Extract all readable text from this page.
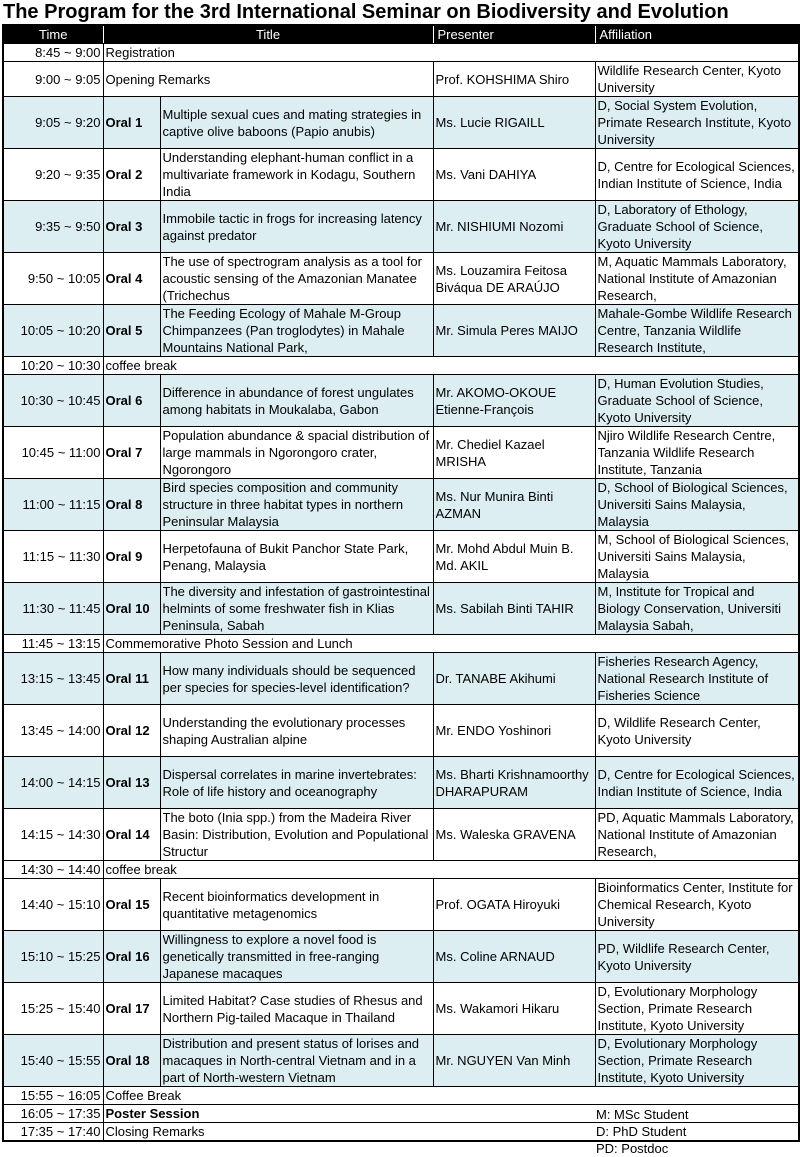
The Program for the 3rd International Seminar on Biodiversity and Evolution
Time	Title		Presenter	Affiliation
8:45 ~ 9:00	Registration			
9:00 ~ 9:05	Opening Remarks		Prof. KOHSHIMA Shiro	Wildlife Research Center, Kyoto University
9:05 ~ 9:20	Oral 1	Multiple sexual cues and mating strategies in captive olive baboons (Papio anubis)	Ms. Lucie RIGAILL	D, Social System Evolution, Primate Research Institute, Kyoto University

9:20 ~ 9:35	Oral 2	Understanding elephant-human conflict in a multivariate framework in Kodagu, Southern India	Ms. Vani DAHIYA	D, Centre for Ecological Sciences, Indian Institute of Science, India

9:35 ~ 9:50	Oral 3	Immobile tactic in frogs for increasing latency against predator	Mr. NISHIUMI Nozomi	D, Laboratory of Ethology, Graduate School of Science, Kyoto University

9:50 ~ 10:05	Oral 4	The use of spectrogram analysis as a tool for acoustic sensing of the Amazonian Manatee (Trichechus	Ms. Louzamira Feitosa Biváqua DE ARAÚJO	M, Aquatic Mammals Laboratory, National Institute of Amazonian Research,

10:05 ~ 10:20	Oral 5	The Feeding Ecology of Mahale M-Group Chimpanzees (Pan troglodytes) in Mahale Mountains National Park,	Mr. Simula Peres MAIJO	Mahale-Gombe Wildlife Research Centre, Tanzania Wildlife Research Institute,

10:20 ~ 10:30	coffee break			
10:30 ~ 10:45	Oral 6	Difference in abundance of forest ungulates among habitats in Moukalaba, Gabon	Mr. AKOMO-OKOUE Etienne-François	D, Human Evolution Studies, Graduate School of Science, Kyoto University

10:45 ~ 11:00	Oral 7	Population abundance & spacial distribution of large mammals in Ngorongoro crater, Ngorongoro	Mr. Chediel Kazael MRISHA	Njiro Wildlife Research Centre, Tanzania Wildlife Research Institute, Tanzania

11:00 ~ 11:15	Oral 8	Bird species composition and community structure in three habitat types in northern Peninsular Malaysia	Ms. Nur Munira Binti AZMAN	D, School of Biological Sciences, Universiti Sains Malaysia, Malaysia

11:15 ~ 11:30	Oral 9	Herpetofauna of Bukit Panchor State Park, Penang, Malaysia	Mr. Mohd Abdul Muin B. Md. AKIL	M, School of Biological Sciences, Universiti Sains Malaysia, Malaysia

11:30 ~ 11:45	Oral 10	The diversity and infestation of gastrointestinal helmints of some freshwater fish in Klias Peninsula, Sabah	Ms. Sabilah Binti TAHIR	M, Institute for Tropical and Biology Conservation, Universiti Malaysia Sabah,

11:45 ~ 13:15	Commemorative Photo Session and Lunch			
13:15 ~ 13:45	Oral 11	How many individuals should be sequenced per species for species-level identification?	Dr. TANABE Akihumi	Fisheries Research Agency, National Research Institute of Fisheries Science

13:45 ~ 14:00	Oral 12	Understanding the evolutionary processes shaping Australian alpine	Mr. ENDO Yoshinori	D, Wildlife Research Center, Kyoto University

14:00 ~ 14:15	Oral 13	Dispersal correlates in marine invertebrates: Role of life history and oceanography	Ms. Bharti Krishnamoorthy DHARAPURAM	D, Centre for Ecological Sciences, Indian Institute of Science, India

14:15 ~ 14:30	Oral 14	The boto (Inia spp.) from the Madeira River Basin: Distribution, Evolution and Populational Structur	Ms. Waleska GRAVENA	PD, Aquatic Mammals Laboratory, National Institute of Amazonian Research,

14:30 ~ 14:40	coffee break			
14:40 ~ 15:10	Oral 15	Recent bioinformatics development in quantitative metagenomics	Prof. OGATA Hiroyuki	Bioinformatics Center, Institute for Chemical Research, Kyoto University

15:10 ~ 15:25	Oral 16	Willingness to explore a novel food is genetically transmitted in free-ranging Japanese macaques	Ms. Coline ARNAUD	PD, Wildlife Research Center, Kyoto University

15:25 ~ 15:40	Oral 17	Limited Habitat? Case studies of Rhesus and Northern Pig-tailed Macaque in Thailand	Ms. Wakamori Hikaru	D, Evolutionary Morphology Section, Primate Research Institute, Kyoto University

15:40 ~ 15:55	Oral 18	Distribution and present status of lorises and macaques in North-central Vietnam and in a part of North-western Vietnam	Mr. NGUYEN Van Minh	D, Evolutionary Morphology Section, Primate Research Institute, Kyoto University

15:55 ~ 16:05	Coffee Break			
16:05 ~ 17:35	Poster Session			
17:35 ~ 17:40	Closing Remarks			
M: MSc Student
D: PhD Student
PD: Postdoc
